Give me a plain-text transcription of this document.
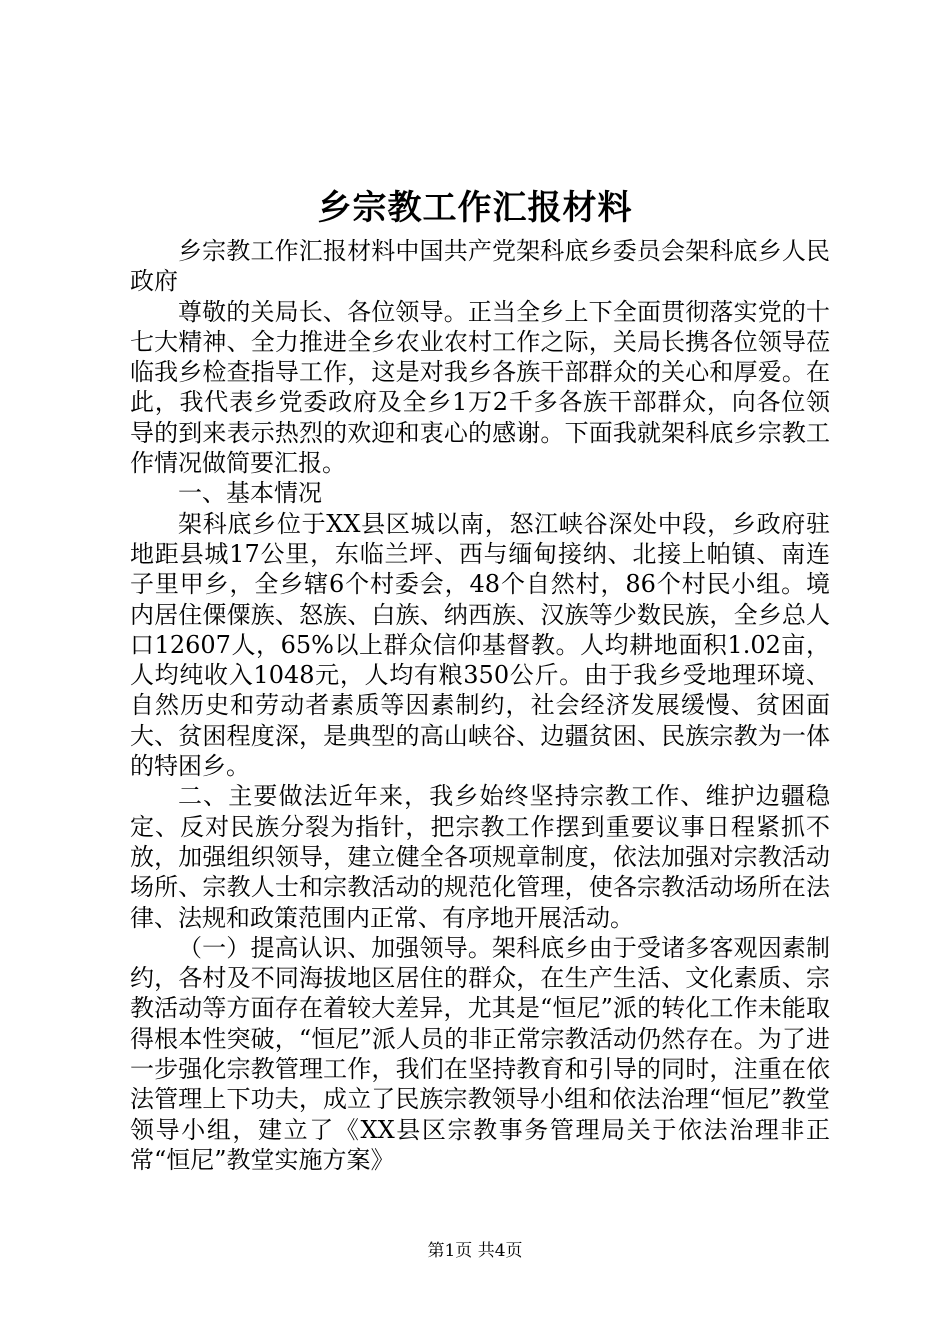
乡宗教工作汇报材料

乡宗教工作汇报材料中国共产党架科底乡委员会架科底乡人民政府

尊敬的关局长、各位领导。正当全乡上下全面贯彻落实党的十七大精神、全力推进全乡农业农村工作之际，关局长携各位领导莅临我乡检查指导工作，这是对我乡各族干部群众的关心和厚爱。在此，我代表乡党委政府及全乡1万2千多各族干部群众，向各位领导的到来表示热烈的欢迎和衷心的感谢。下面我就架科底乡宗教工作情况做简要汇报。

一、基本情况

架科底乡位于XX县区城以南，怒江峡谷深处中段，乡政府驻地距县城17公里，东临兰坪、西与缅甸接纳、北接上帕镇、南连子里甲乡，全乡辖6个村委会，48个自然村，86个村民小组。境内居住傈僳族、怒族、白族、纳西族、汉族等少数民族，全乡总人口12607人，65%以上群众信仰基督教。人均耕地面积1.02亩，人均纯收入1048元，人均有粮350公斤。由于我乡受地理环境、自然历史和劳动者素质等因素制约，社会经济发展缓慢、贫困面大、贫困程度深，是典型的高山峡谷、边疆贫困、民族宗教为一体的特困乡。

二、主要做法近年来，我乡始终坚持宗教工作、维护边疆稳定、反对民族分裂为指针，把宗教工作摆到重要议事日程紧抓不放，加强组织领导，建立健全各项规章制度，依法加强对宗教活动场所、宗教人士和宗教活动的规范化管理，使各宗教活动场所在法律、法规和政策范围内正常、有序地开展活动。

（一）提高认识、加强领导。架科底乡由于受诸多客观因素制约，各村及不同海拔地区居住的群众，在生产生活、文化素质、宗教活动等方面存在着较大差异，尤其是“恒尼”派的转化工作未能取得根本性突破，“恒尼”派人员的非正常宗教活动仍然存在。为了进一步强化宗教管理工作，我们在坚持教育和引导的同时，注重在依法管理上下功夫，成立了民族宗教领导小组和依法治理“恒尼”教堂领导小组，建立了《XX县区宗教事务管理局关于依法治理非正常“恒尼”教堂实施方案》

第1页 共4页
